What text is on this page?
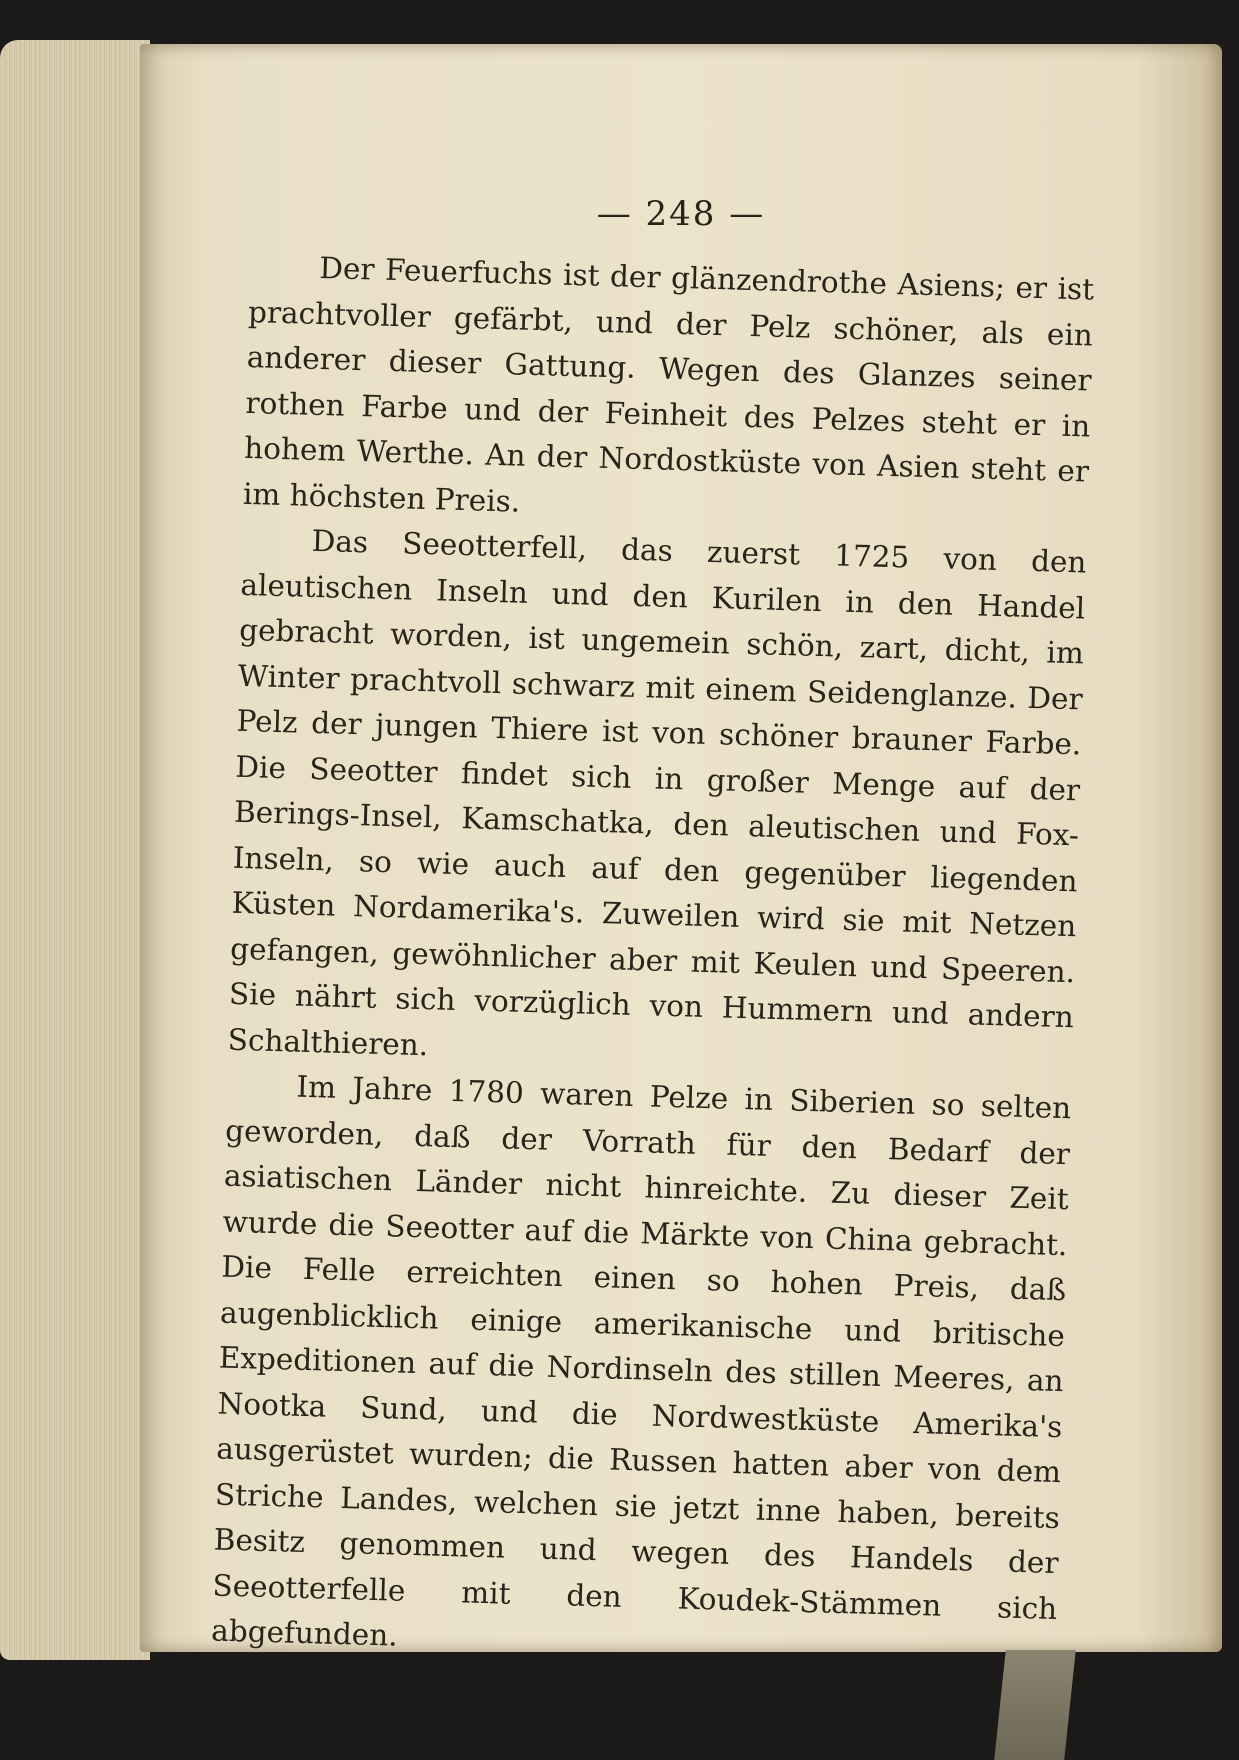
— 248 —

Der Feuerfuchs ist der glänzendrothe Asiens; er ist prachtvoller gefärbt, und der Pelz schöner, als ein anderer dieser Gattung. Wegen des Glanzes seiner rothen Farbe und der Feinheit des Pelzes steht er in hohem Werthe. An der Nordostküste von Asien steht er im höchsten Preis.

Das Seeotterfell, das zuerst 1725 von den aleutischen Inseln und den Kurilen in den Handel gebracht worden, ist ungemein schön, zart, dicht, im Winter prachtvoll schwarz mit einem Seidenglanze. Der Pelz der jungen Thiere ist von schöner brauner Farbe. Die Seeotter findet sich in großer Menge auf der Berings-Insel, Kamschatka, den aleutischen und Fox-Inseln, so wie auch auf den gegenüber liegenden Küsten Nordamerika's. Zuweilen wird sie mit Netzen gefangen, gewöhnlicher aber mit Keulen und Speeren. Sie nährt sich vorzüglich von Hummern und andern Schalthieren.

Im Jahre 1780 waren Pelze in Siberien so selten geworden, daß der Vorrath für den Bedarf der asiatischen Länder nicht hinreichte. Zu dieser Zeit wurde die Seeotter auf die Märkte von China gebracht. Die Felle erreichten einen so hohen Preis, daß augenblicklich einige amerikanische und britische Expeditionen auf die Nordinseln des stillen Meeres, an Nootka Sund, und die Nordwestküste Amerika's ausgerüstet wurden; die Russen hatten aber von dem Striche Landes, welchen sie jetzt inne haben, bereits Besitz genommen und wegen des Handels der Seeotterfelle mit den Koudek-Stämmen sich abgefunden.
